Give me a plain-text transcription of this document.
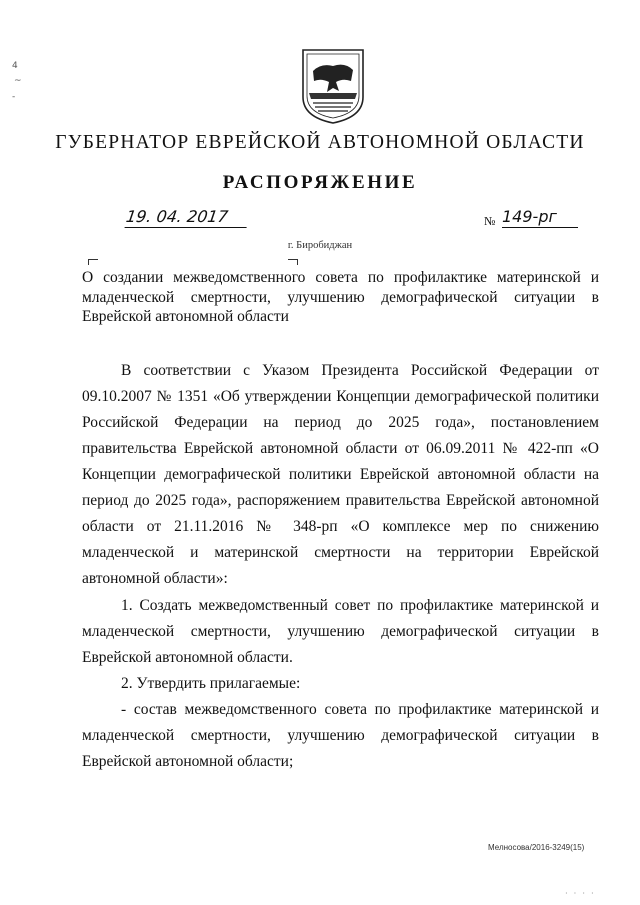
ГУБЕРНАТОР ЕВРЕЙСКОЙ АВТОНОМНОЙ ОБЛАСТИ
РАСПОРЯЖЕНИЕ
19. 04. 2017	№ 149-рг
г. Биробиджан
О создании межведомственного совета по профилактике материнской и младенческой смертности, улучшению демографической ситуации в Еврейской автономной области
В соответствии с Указом Президента Российской Федерации от 09.10.2007 № 1351 «Об утверждении Концепции демографической политики Российской Федерации на период до 2025 года», постановлением правительства Еврейской автономной области от 06.09.2011 № 422-пп «О Концепции демографической политики Еврейской автономной области на период до 2025 года», распоряжением правительства Еврейской автономной области от 21.11.2016 № 348-рп «О комплексе мер по снижению младенческой и материнской смертности на территории Еврейской автономной области»:
1. Создать межведомственный совет по профилактике материнской и младенческой смертности, улучшению демографической ситуации в Еврейской автономной области.
2. Утвердить прилагаемые:
- состав межведомственного совета по профилактике материнской и младенческой смертности, улучшению демографической ситуации в Еврейской автономной области;
Мелносова/2016-3249(15)
4
~
-
· · · ·
